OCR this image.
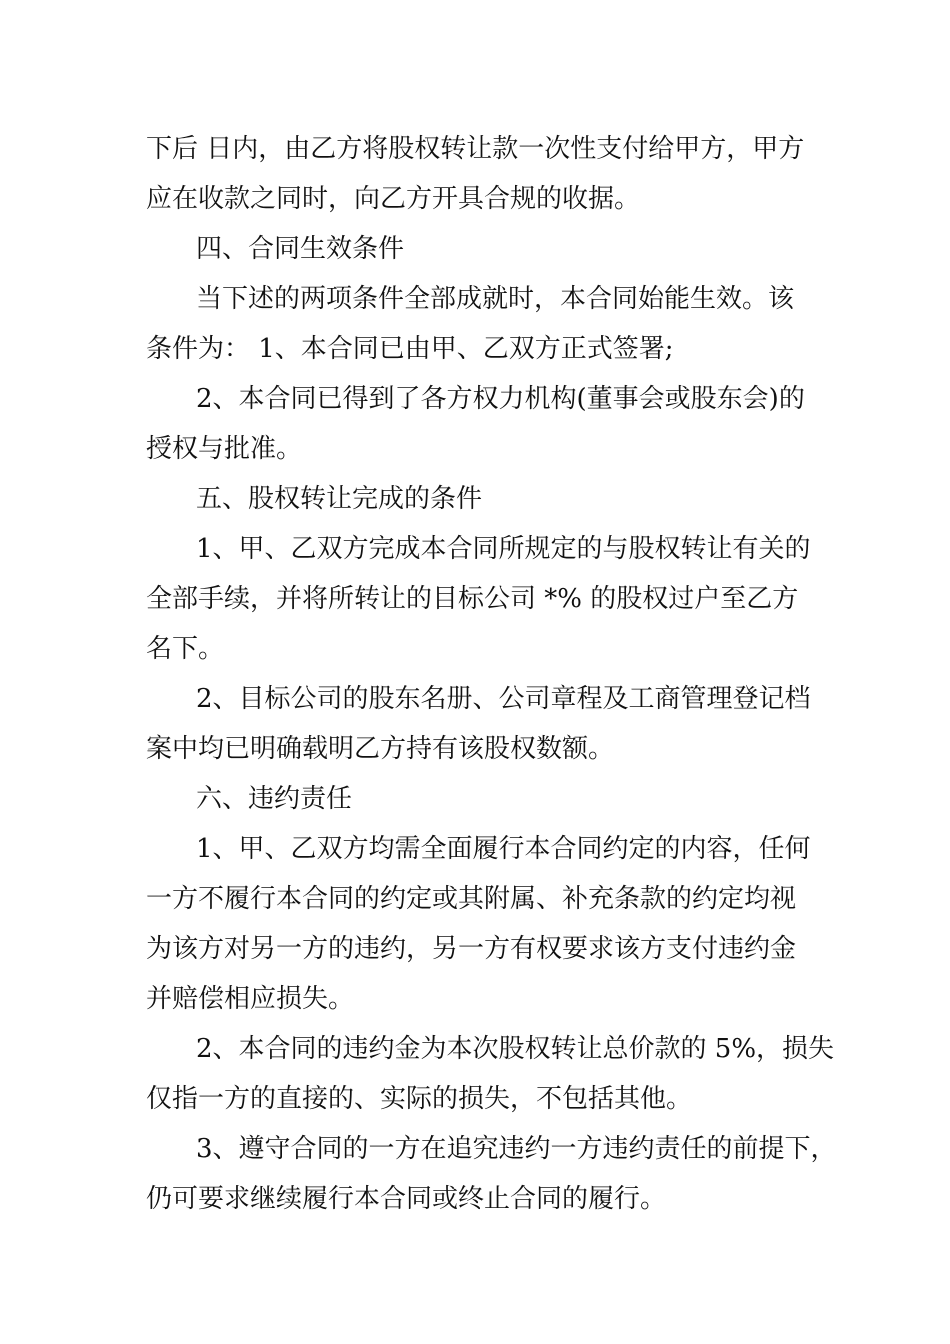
下后 日内，由乙方将股权转让款一次性支付给甲方，甲方

应在收款之同时，向乙方开具合规的收据。

四、合同生效条件

当下述的两项条件全部成就时，本合同始能生效。该

条件为： 1、本合同已由甲、乙双方正式签署;

2、本合同已得到了各方权力机构(董事会或股东会)的

授权与批准。

五、股权转让完成的条件

1、甲、乙双方完成本合同所规定的与股权转让有关的

全部手续，并将所转让的目标公司 *% 的股权过户至乙方

名下。

2、目标公司的股东名册、公司章程及工商管理登记档

案中均已明确载明乙方持有该股权数额。

六、违约责任

1、甲、乙双方均需全面履行本合同约定的内容，任何

一方不履行本合同的约定或其附属、补充条款的约定均视

为该方对另一方的违约，另一方有权要求该方支付违约金

并赔偿相应损失。

2、本合同的违约金为本次股权转让总价款的 5%，损失

仅指一方的直接的、实际的损失，不包括其他。

3、遵守合同的一方在追究违约一方违约责任的前提下，

仍可要求继续履行本合同或终止合同的履行。
